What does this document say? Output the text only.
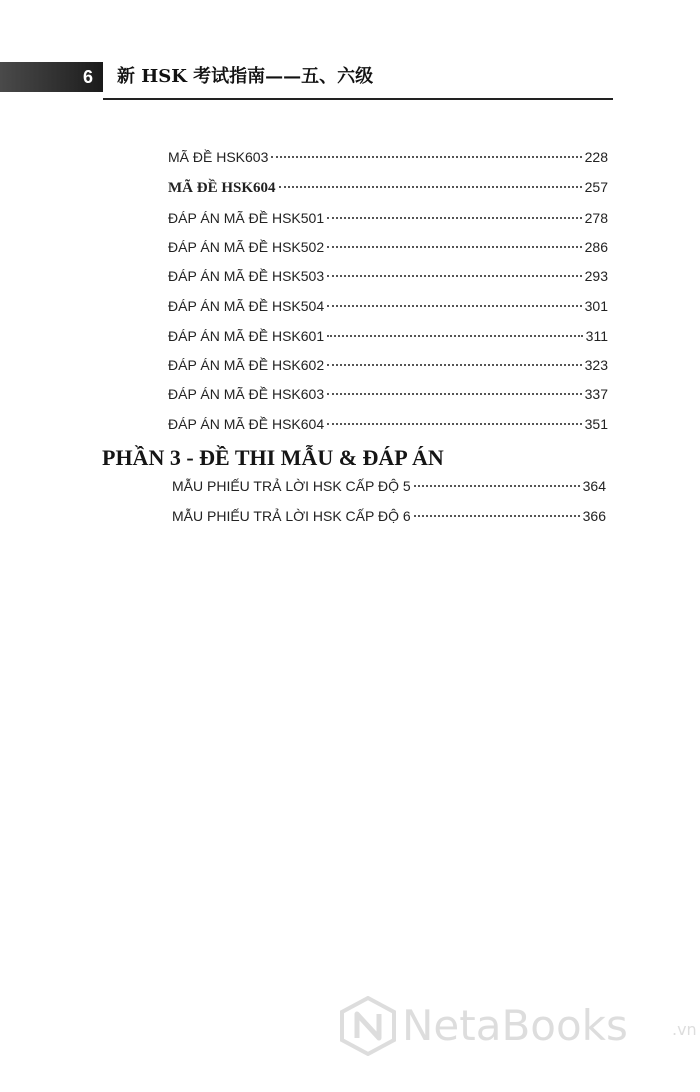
6	新 HSK 考试指南——五、六级
MÃ ĐỀ HSK603	228
MÃ ĐỀ HSK604	257
ĐÁP ÁN MÃ ĐỀ HSK501	278
ĐÁP ÁN MÃ ĐỀ HSK502	286
ĐÁP ÁN MÃ ĐỀ HSK503	293
ĐÁP ÁN MÃ ĐỀ HSK504	301
ĐÁP ÁN MÃ ĐỀ HSK601	311
ĐÁP ÁN MÃ ĐỀ HSK602	323
ĐÁP ÁN MÃ ĐỀ HSK603	337
ĐÁP ÁN MÃ ĐỀ HSK604	351
PHẦN 3 - ĐỀ THI MẪU & ĐÁP ÁN
MẪU PHIẾU TRẢ LỜI HSK CẤP ĐỘ 5	364
MẪU PHIẾU TRẢ LỜI HSK CẤP ĐỘ 6	366
NetaBooks	.vn
